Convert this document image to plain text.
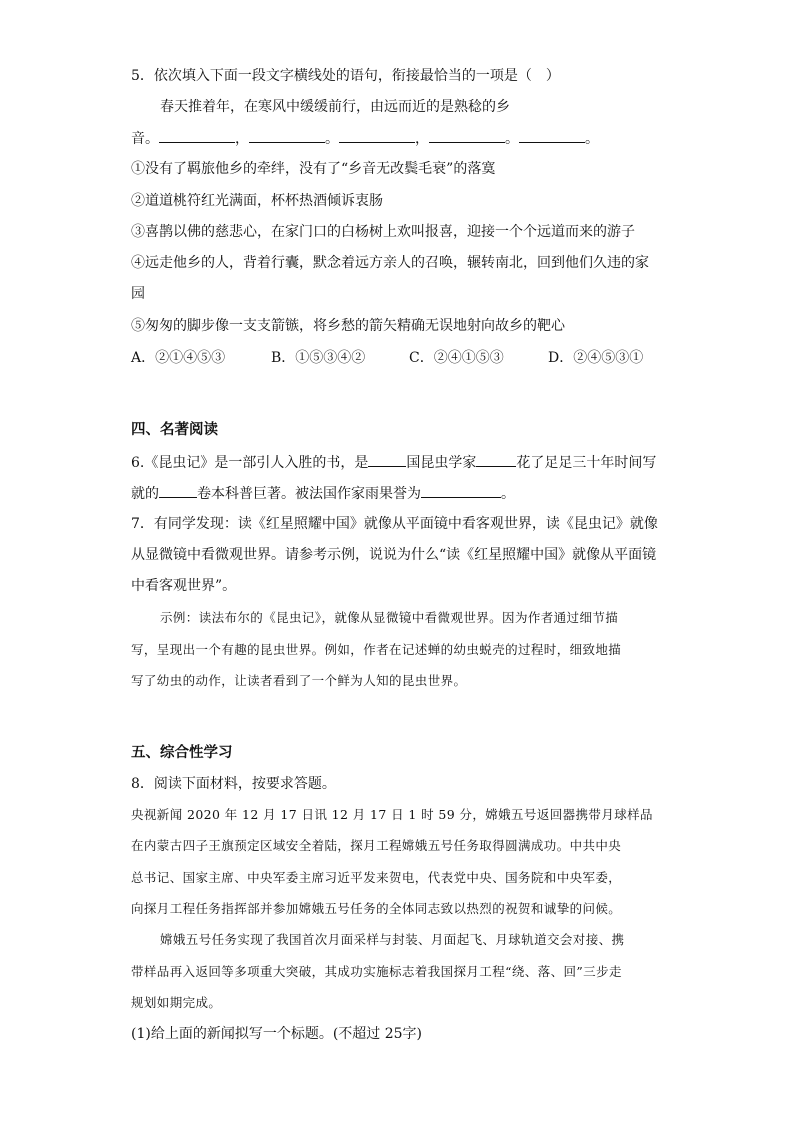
5．依次填入下面一段文字横线处的语句，衔接最恰当的一项是（　）
春天推着年，在寒风中缓缓前行，由远而近的是熟稔的乡
音。	，	。	，	。	。
①没有了羁旅他乡的牵绊，没有了“乡音无改鬓毛衰”的落寞
②道道桃符红光满面，杯杯热酒倾诉衷肠
③喜鹊以佛的慈悲心，在家门口的白杨树上欢叫报喜，迎接一个个远道而来的游子
④远走他乡的人，背着行囊，默念着远方亲人的召唤，辗转南北，回到他们久违的家
园
⑤匆匆的脚步像一支支箭镞，将乡愁的箭矢精确无误地射向故乡的靶心
A．②①④⑤③	B．①⑤③④②	C．②④①⑤③	D．②④⑤③①
四、名著阅读
6.《昆虫记》是一部引人入胜的书，是	国昆虫学家	花了足足三十年时间写
就的	卷本科普巨著。被法国作家雨果誉为	。
7．有同学发现：读《红星照耀中国》就像从平面镜中看客观世界，读《昆虫记》就像
从显微镜中看微观世界。请参考示例，说说为什么“读《红星照耀中国》就像从平面镜
中看客观世界”。
示例：读法布尔的《昆虫记》，就像从显微镜中看微观世界。因为作者通过细节描
写，呈现出一个有趣的昆虫世界。例如，作者在记述蝉的幼虫蜕壳的过程时，细致地描
写了幼虫的动作，让读者看到了一个鲜为人知的昆虫世界。
五、综合性学习
8．阅读下面材料，按要求答题。
央视新闻 2020 年 12 月 17 日讯 12 月 17 日 1 时 59 分，嫦娥五号返回器携带月球样品
在内蒙古四子王旗预定区域安全着陆，探月工程嫦娥五号任务取得圆满成功。中共中央
总书记、国家主席、中央军委主席习近平发来贺电，代表党中央、国务院和中央军委，
向探月工程任务指挥部并参加嫦娥五号任务的全体同志致以热烈的祝贺和诚挚的问候。
嫦娥五号任务实现了我国首次月面采样与封装、月面起飞、月球轨道交会对接、携
带样品再入返回等多项重大突破，其成功实施标志着我国探月工程“绕、落、回”三步走
规划如期完成。
(1)给上面的新闻拟写一个标题。(不超过 25字)
